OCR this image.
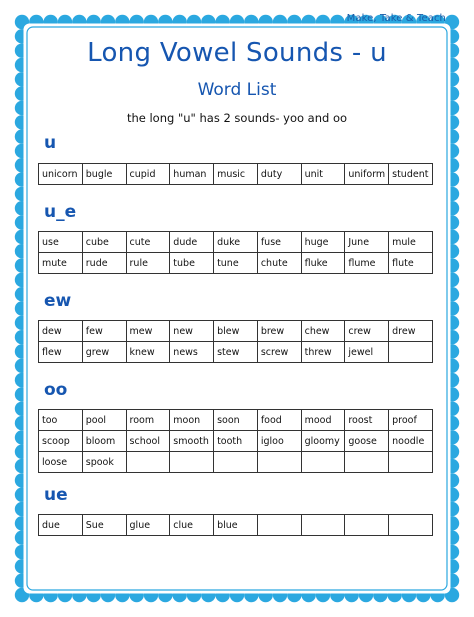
Make, Take & Teach
Long Vowel Sounds - u
Word List
the long "u" has 2 sounds- yoo and oo
u
unicorn	bugle	cupid	human	music	duty	unit	uniform	student
u_e
use	cube	cute	dude	duke	fuse	huge	June	mule
mute	rude	rule	tube	tune	chute	fluke	flume	flute
ew
dew	few	mew	new	blew	brew	chew	crew	drew
flew	grew	knew	news	stew	screw	threw	jewel	
oo
too	pool	room	moon	soon	food	mood	roost	proof
scoop	bloom	school	smooth	tooth	igloo	gloomy	goose	noodle
loose	spook							
ue
due	Sue	glue	clue	blue				
